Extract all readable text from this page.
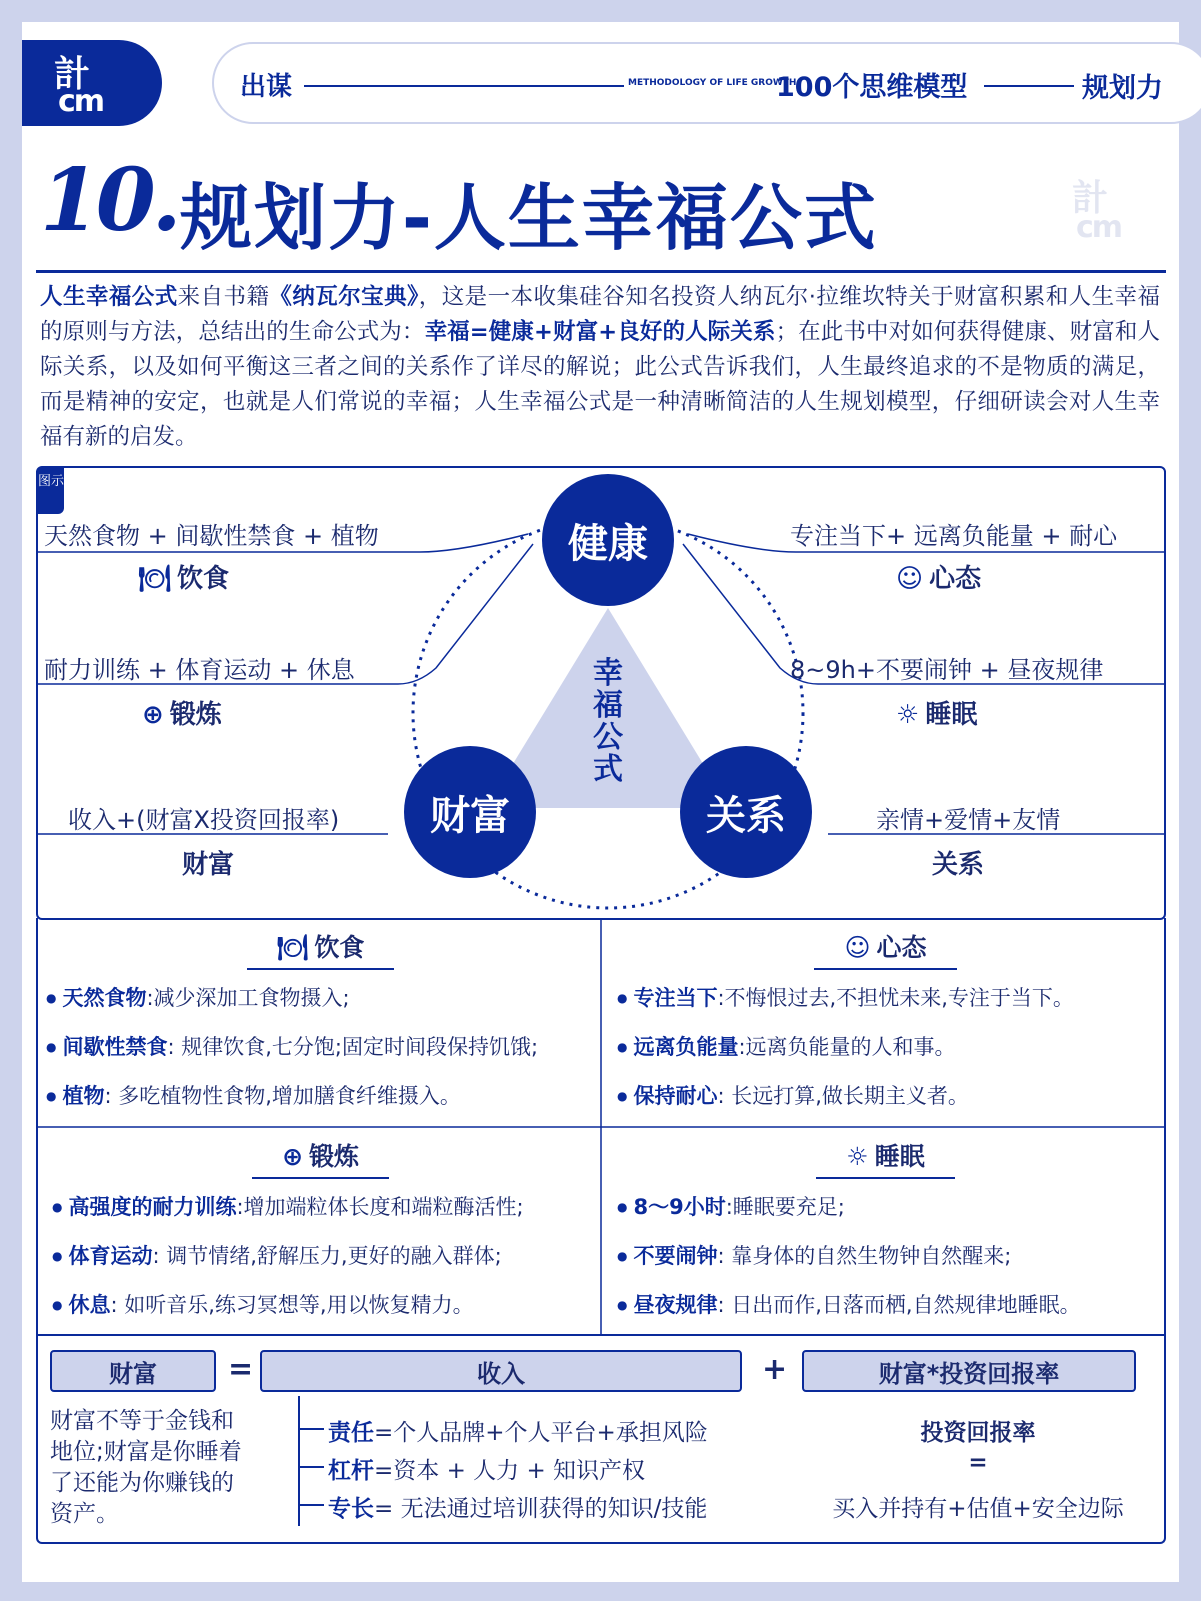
計
cm	出谋	METHODOLOGY OF LIFE GROWTH
100个思维模型	规划力
10. 规划力-人生幸福公式	計
cm

人生幸福公式来自书籍《纳瓦尔宝典》，这是一本收集硅谷知名投资人纳瓦尔·拉维坎特关于财富积累和人生幸福的原则与方法，总结出的生命公式为：幸福=健康+财富+良好的人际关系；在此书中对如何获得健康、财富和人际关系，以及如何平衡这三者之间的关系作了详尽的解说；此公式告诉我们，人生最终追求的不是物质的满足，而是精神的安定，也就是人们常说的幸福；人生幸福公式是一种清晰简洁的人生规划模型，仔细研读会对人生幸福有新的启发。

图示
健康
财富	关系
幸福公式
天然食物 + 间歇性禁食 + 植物
🍽 饮食
耐力训练 + 体育运动 + 休息
⊕ 锻炼
收入+(财富X投资回报率)
财富
专注当下+ 远离负能量 + 耐心
☺ 心态
8~9h+不要闹钟 + 昼夜规律
☼ 睡眠
亲情+爱情+友情
关系
🍽 饮食
● 天然食物:减少深加工食物摄入;
● 间歇性禁食: 规律饮食,七分饱;固定时间段保持饥饿;
● 植物: 多吃植物性食物,增加膳食纤维摄入。
☺ 心态
● 专注当下:不悔恨过去,不担忧未来,专注于当下。
● 远离负能量:远离负能量的人和事。
● 保持耐心: 长远打算,做长期主义者。
⊕ 锻炼
● 高强度的耐力训练:增加端粒体长度和端粒酶活性;
● 体育运动: 调节情绪,舒解压力,更好的融入群体;
● 休息: 如听音乐,练习冥想等,用以恢复精力。
☼ 睡眠
● 8～9小时:睡眠要充足;
● 不要闹钟: 靠身体的自然生物钟自然醒来;
● 昼夜规律: 日出而作,日落而栖,自然规律地睡眠。
财富	=	收入	+	财富*投资回报率
财富不等于金钱和地位;财富是你睡着了还能为你赚钱的资产。
责任=个人品牌+个人平台+承担风险
杠杆=资本 + 人力 + 知识产权
专长= 无法通过培训获得的知识/技能
投资回报率
=
买入并持有+估值+安全边际
